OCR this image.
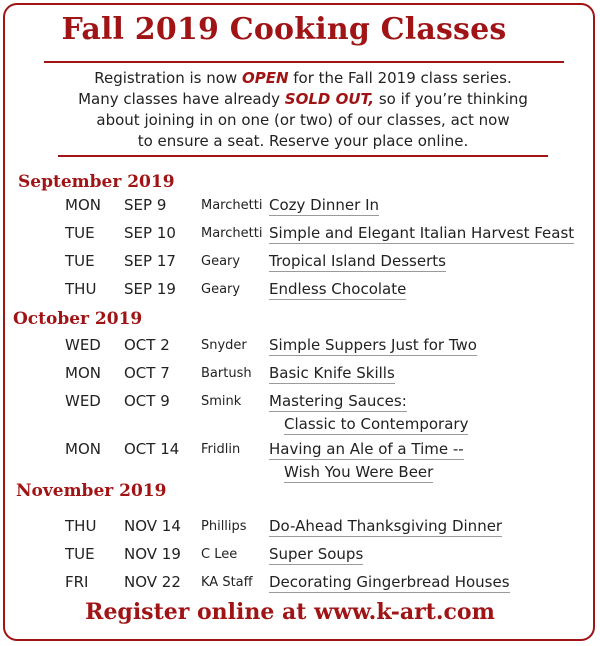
Fall 2019 Cooking Classes
Registration is now OPEN for the Fall 2019 class series.
Many classes have already SOLD OUT, so if you’re thinking
about joining in on one (or two) of our classes, act now
to ensure a seat. Reserve your place online.
September 2019
MON SEP 9	Marchetti Cozy Dinner In
TUE SEP 10 Marchetti Simple and Elegant Italian Harvest Feast
TUE SEP 17 Geary Tropical Island Desserts
THU SEP 19 Geary Endless Chocolate
October 2019
WED OCT 2 Snyder Simple Suppers Just for Two
MON OCT 7 Bartush Basic Knife Skills
WED OCT 9 Smink Mastering Sauces:
Classic to Contemporary
MON OCT 14 Fridlin Having an Ale of a Time --
Wish You Were Beer
November 2019
THU NOV 14 Phillips Do-Ahead Thanksgiving Dinner
TUE NOV 19 C Lee Super Soups
FRI NOV 22 KA Staff Decorating Gingerbread Houses
Register online at www.k-art.com
